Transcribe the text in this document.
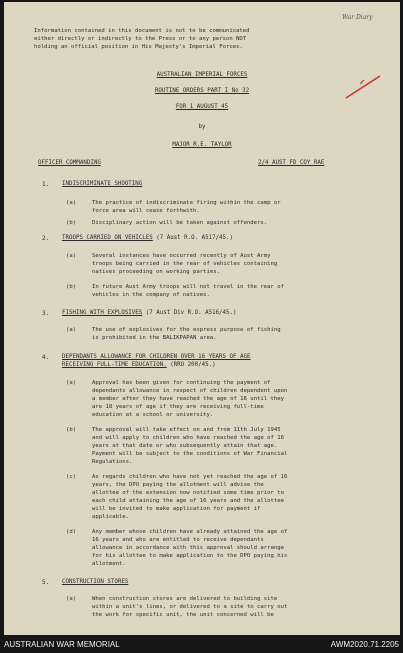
War Diary
Information contained in this document is not to be communicated
either directly or indirectly to the Press or to any person NOT
holding an official position in His Majesty's Imperial Forces.
AUSTRALIAN IMPERIAL FORCES
ROUTINE ORDERS PART I No 32
FOR 1 AUGUST 45
by
MAJOR R.E. TAYLOR
OFFICER COMMANDING	2/4 AUST FD COY RAE
1. INDISCRIMINATE SHOOTING
(a)	The practice of indiscriminate firing within the camp or
force area will cease forthwith.
(b)	Disciplinary action will be taken against offenders.
2. TROOPS CARRIED ON VEHICLES (7 Aust R.O. A517/45.)
(a)	Several instances have occurred recently of Aust Army
troops being carried in the rear of vehicles containing
natives proceeding on working parties.
(b)	In future Aust Army troops will not travel in the rear of
vehicles in the company of natives.
3. FISHING WITH EXPLOSIVES (7 Aust Div R.O. A516/45.)
(a)	The use of explosives for the express purpose of fishing
is prohibited in the BALIKPAPAN area.
4. DEPENDANTS ALLOWANCE FOR CHILDREN OVER 16 YEARS OF AGE
RECEIVING FULL-TIME EDUCATION. (RRO 200/45.)
(a)	Approval has been given for continuing the payment of
dependants allowance in respect of children dependent upon
a member after they have reached the age of 16 until they
are 18 years of age if they are receiving full-time
education at a school or university.
(b)	The approval will take effect on and from 11th July 1945
and will apply to children who have reached the age of 16
years at that date or who subsequently attain that age.
Payment will be subject to the conditions of War Financial
Regulations.
(c)	As regards children who have not yet reached the age of 16
years, the DPO paying the allotment will advise the
allottee of the extension now notified some time prior to
each child attaining the age of 16 years and the allottee
will be invited to make application for payment if
applicable.
(d)	Any member whose children have already attained the age of
16 years and who are entitled to receive dependants
allowance in accordance with this approval should arrange
for his allottee to make application to the DPO paying his
allotment.
5. CONSTRUCTION STORES
(a)	When construction stores are delivered to building site
within a unit's lines, or delivered to a site to carry out
the work for specific unit, the unit concerned will be
AUSTRALIAN WAR MEMORIAL	AWM2020.71.2205
